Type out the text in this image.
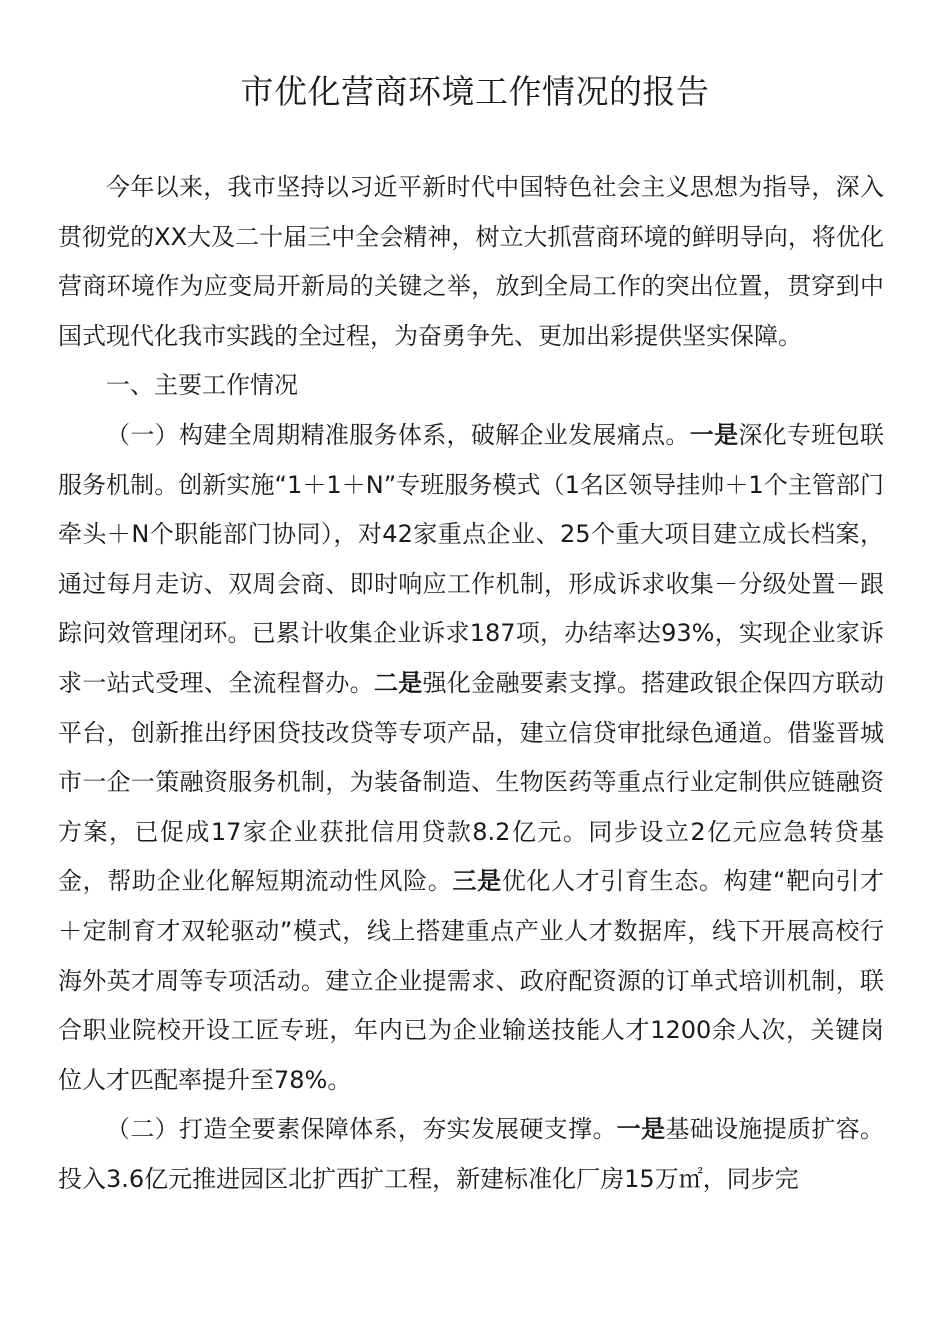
市优化营商环境工作情况的报告

今年以来，我市坚持以习近平新时代中国特色社会主义思想为指导，深入贯彻党的XX大及二十届三中全会精神，树立大抓营商环境的鲜明导向，将优化营商环境作为应变局开新局的关键之举，放到全局工作的突出位置，贯穿到中国式现代化我市实践的全过程，为奋勇争先、更加出彩提供坚实保障。

一、主要工作情况

（一）构建全周期精准服务体系，破解企业发展痛点。一是深化专班包联服务机制。创新实施“1＋1＋N”专班服务模式（1名区领导挂帅＋1个主管部门牵头＋N个职能部门协同），对42家重点企业、25个重大项目建立成长档案，通过每月走访、双周会商、即时响应工作机制，形成诉求收集－分级处置－跟踪问效管理闭环。已累计收集企业诉求187项，办结率达93%，实现企业家诉求一站式受理、全流程督办。二是强化金融要素支撑。搭建政银企保四方联动平台，创新推出纾困贷技改贷等专项产品，建立信贷审批绿色通道。借鉴晋城市一企一策融资服务机制，为装备制造、生物医药等重点行业定制供应链融资方案，已促成17家企业获批信用贷款8.2亿元。同步设立2亿元应急转贷基金，帮助企业化解短期流动性风险。三是优化人才引育生态。构建“靶向引才＋定制育才双轮驱动”模式，线上搭建重点产业人才数据库，线下开展高校行海外英才周等专项活动。建立企业提需求、政府配资源的订单式培训机制，联合职业院校开设工匠专班，年内已为企业输送技能人才1200余人次，关键岗位人才匹配率提升至78%。

（二）打造全要素保障体系，夯实发展硬支撑。一是基础设施提质扩容。投入3.6亿元推进园区北扩西扩工程，新建标准化厂房15万㎡，同步完
